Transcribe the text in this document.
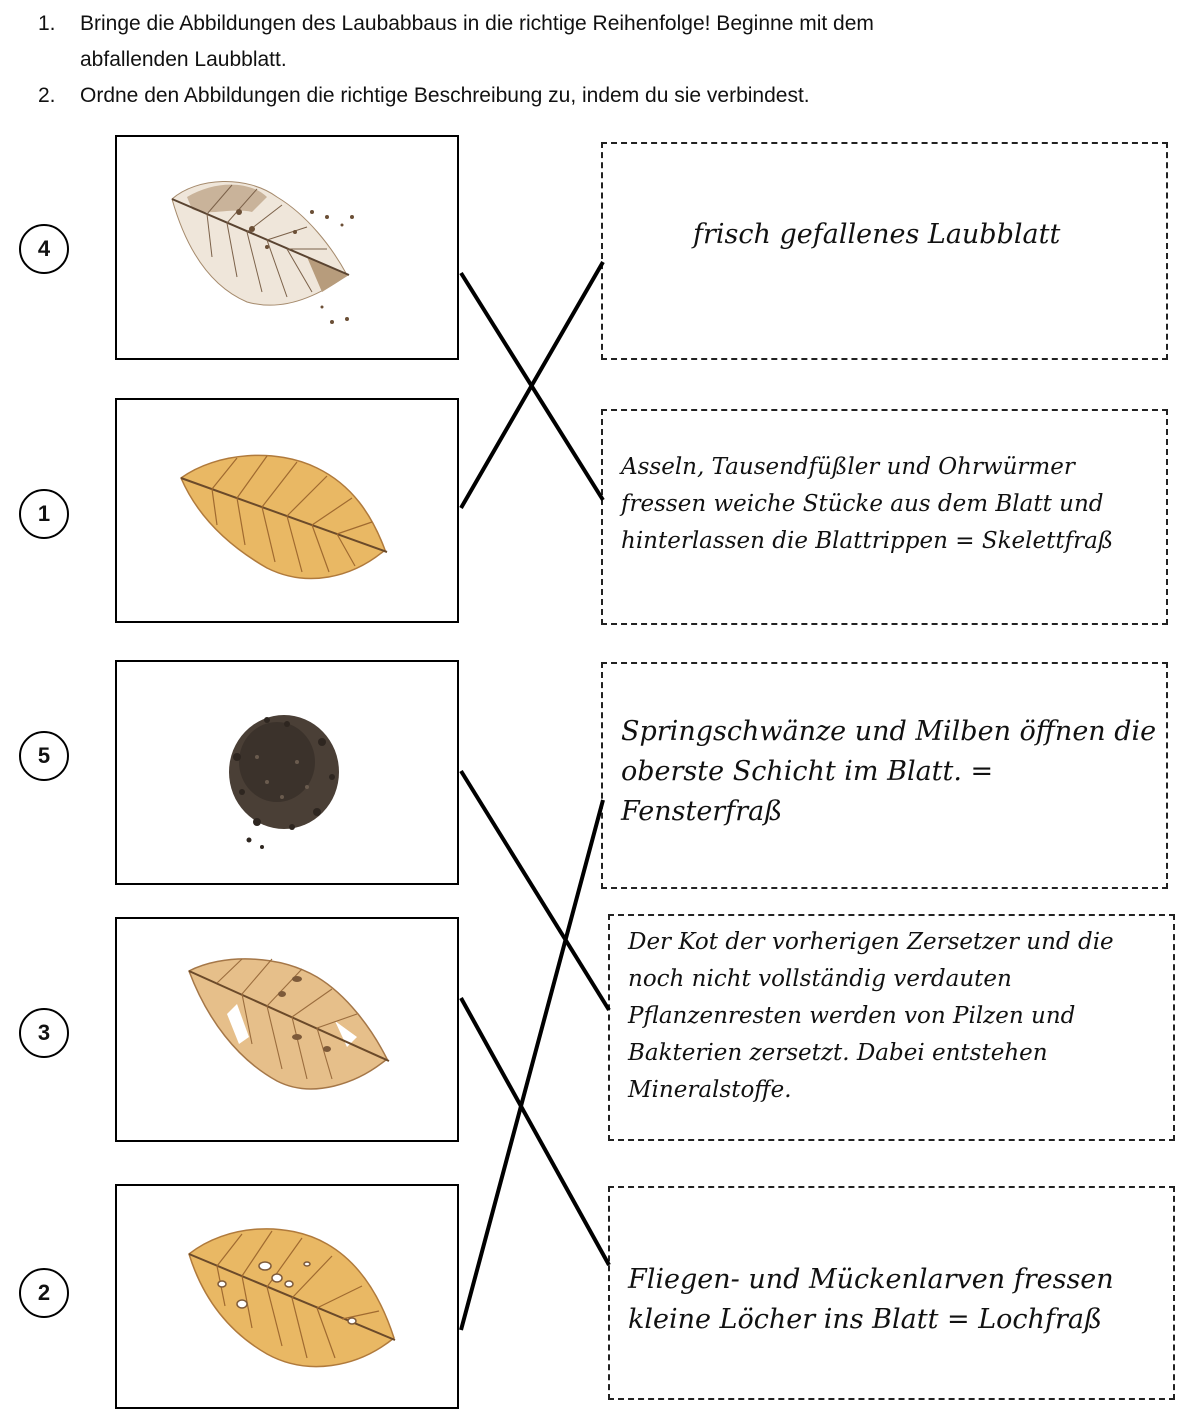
1.	Bringe die Abbildungen des Laubabbaus in die richtige Reihenfolge! Beginne mit dem abfallenden Laubblatt.
2.	Ordne den Abbildungen die richtige Beschreibung zu, indem du sie verbindest.
4
1
5
3
2

frisch gefallenes Laubblatt

Asseln, Tausendfüßler und Ohrwürmer fressen weiche Stücke aus dem Blatt und hinterlassen die Blattrippen = Skelettfraß

Springschwänze und Milben öffnen die oberste Schicht im Blatt. = Fensterfraß

Der Kot der vorherigen Zersetzer und die noch nicht vollständig verdauten Pflanzenresten werden von Pilzen und Bakterien zersetzt. Dabei entstehen Mineralstoffe.

Fliegen- und Mückenlarven fressen kleine Löcher ins Blatt = Lochfraß
